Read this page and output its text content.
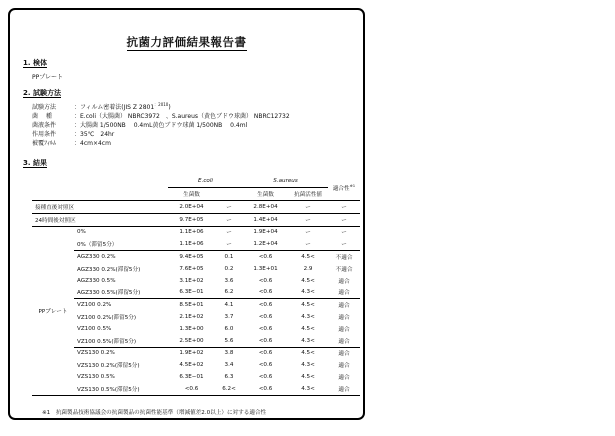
抗菌力評価結果報告書
1. 検体
PPプレート
2. 試験方法
試験方法	：フィルム密着法(JIS Z $2801^{:2010}$)
菌　 種	：E.coli（大腸菌） NBRC3972　、S.aureus（黄色ブドウ球菌） NBRC12732
菌液条件	：大腸菌 1/500NB　 0.4mL黄色ブドウ球菌 1/500NB　 0.4ml
作用条件	：35℃　24hr
被覆ﾌｨﾙﾑ	：4cm×4cm
3. 結果
		E.coli		S.aureus		適合性$^{※1}$
		生菌数		生菌数	抗菌活性値	
接種直後対照区		2.0E+04	ー	2.8E+04	ー	ー
24時間後対照区		9.7E+05	ー	1.4E+04	ー	ー
PPプレート	0%	1.1E+06	ー	1.9E+04	ー	ー
	0%（滞留5分）	1.1E+06	ー	1.2E+04	ー	ー
	AGZ330 0.2%	9.4E+05	0.1	<0.6	4.5<	不適合
	AGZ330 0.2%(滞留5分)	7.6E+05	0.2	1.3E+01	2.9	不適合
	AGZ330 0.5%	3.1E+02	3.6	<0.6	4.5<	適合
	AGZ330 0.5%(滞留5分)	6.3E−01	6.2	<0.6	4.3<	適合
	VZ100 0.2%	8.5E+01	4.1	<0.6	4.5<	適合
	VZ100 0.2%(滞留5分)	2.1E+02	3.7	<0.6	4.3<	適合
	VZ100 0.5%	1.3E+00	6.0	<0.6	4.5<	適合
	VZ100 0.5%(滞留5分)	2.5E+00	5.6	<0.6	4.3<	適合
	VZS130 0.2%	1.9E+02	3.8	<0.6	4.5<	適合
	VZS130 0.2%(滞留5分)	4.5E+02	3.4	<0.6	4.3<	適合
	VZS130 0.5%	6.3E−01	6.3	<0.6	4.5<	適合
	VZS130 0.5%(滞留5分)	<0.6	6.2<	<0.6	4.3<	適合
※1　抗菌製品技術協議会の抗菌製品の抗菌性能基準（増減値差2.0以上）に対する適合性
